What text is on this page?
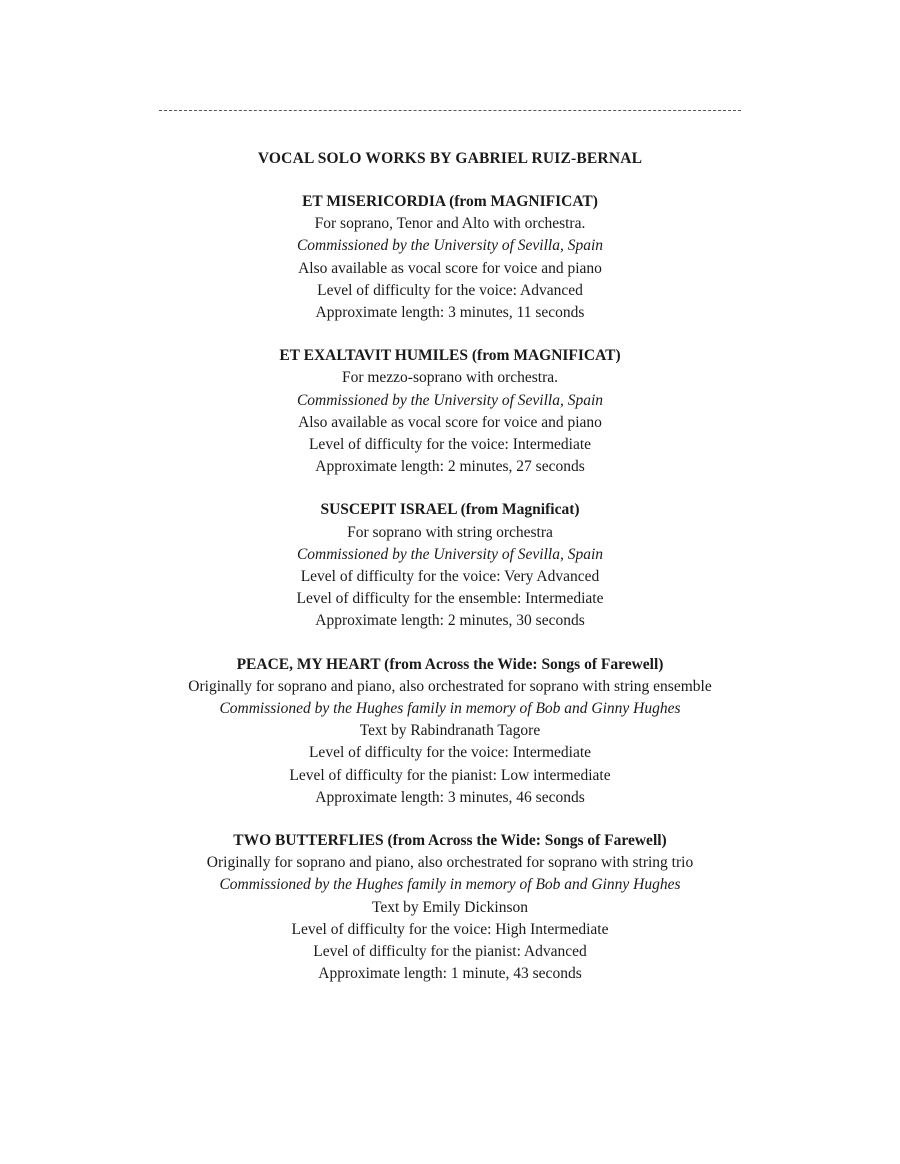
VOCAL SOLO WORKS BY GABRIEL RUIZ-BERNAL
ET MISERICORDIA (from MAGNIFICAT)
For soprano, Tenor and Alto with orchestra.
Commissioned by the University of Sevilla, Spain
Also available as vocal score for voice and piano
Level of difficulty for the voice: Advanced
Approximate length: 3 minutes, 11 seconds
ET EXALTAVIT HUMILES (from MAGNIFICAT)
For mezzo-soprano with orchestra.
Commissioned by the University of Sevilla, Spain
Also available as vocal score for voice and piano
Level of difficulty for the voice: Intermediate
Approximate length: 2 minutes, 27 seconds
SUSCEPIT ISRAEL (from Magnificat)
For soprano with string orchestra
Commissioned by the University of Sevilla, Spain
Level of difficulty for the voice: Very Advanced
Level of difficulty for the ensemble: Intermediate
Approximate length: 2 minutes, 30 seconds
PEACE, MY HEART (from Across the Wide: Songs of Farewell)
Originally for soprano and piano, also orchestrated for soprano with string ensemble
Commissioned by the Hughes family in memory of Bob and Ginny Hughes
Text by Rabindranath Tagore
Level of difficulty for the voice: Intermediate
Level of difficulty for the pianist: Low intermediate
Approximate length: 3 minutes, 46 seconds
TWO BUTTERFLIES (from Across the Wide: Songs of Farewell)
Originally for soprano and piano, also orchestrated for soprano with string trio
Commissioned by the Hughes family in memory of Bob and Ginny Hughes
Text by Emily Dickinson
Level of difficulty for the voice: High Intermediate
Level of difficulty for the pianist: Advanced
Approximate length: 1 minute, 43 seconds
